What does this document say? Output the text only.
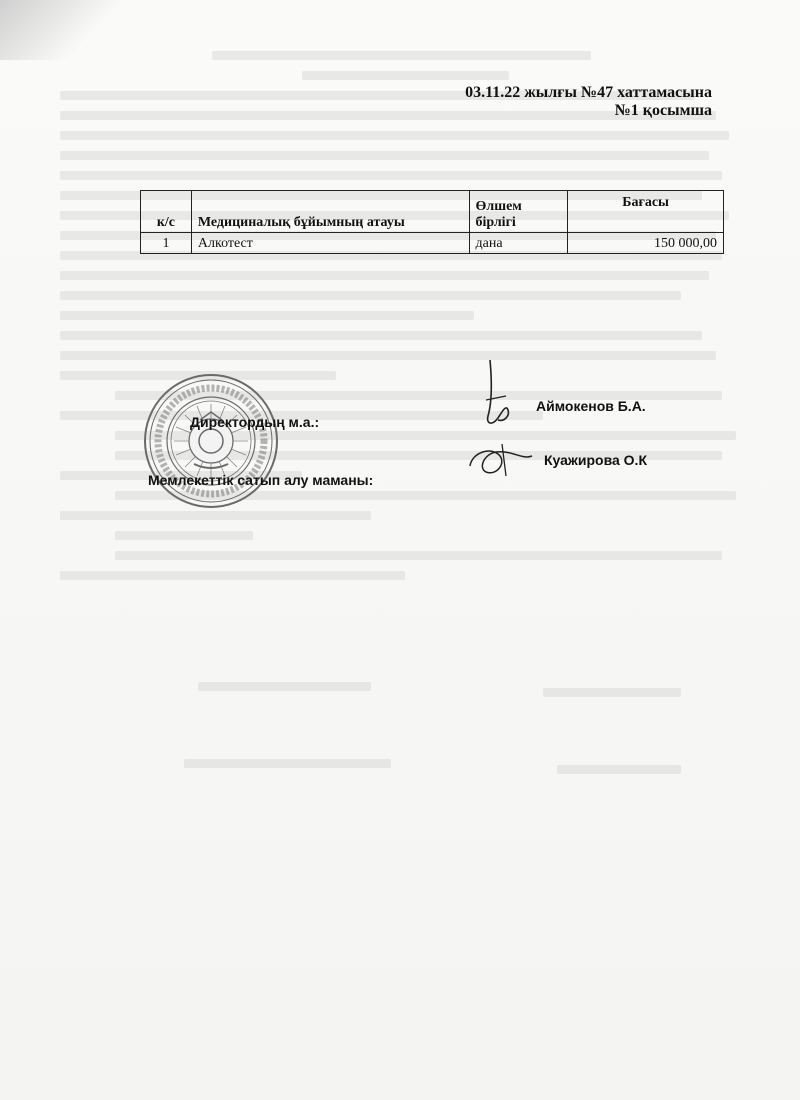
03.11.22 жылғы №47 хаттамасына
№1 қосымша
к/с	Медициналық бұйымның атауы	Өлшем бірлігі	Бағасы
1	Алкотест	дана	150 000,00
Директордың м.а.:
Аймокенов Б.А.
Мемлекеттік сатып алу маманы:
Куажирова О.К
